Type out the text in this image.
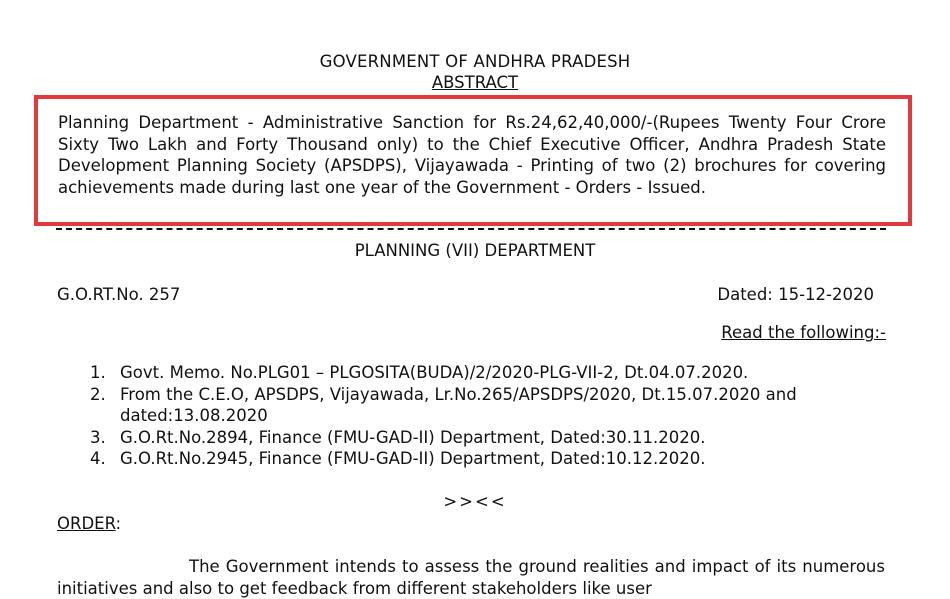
GOVERNMENT OF ANDHRA PRADESH
ABSTRACT
Planning Department - Administrative Sanction for Rs.24,62,40,000/-(Rupees Twenty Four Crore Sixty Two Lakh and Forty Thousand only) to the Chief Executive Officer, Andhra Pradesh State Development Planning Society (APSDPS), Vijayawada - Printing of two (2) brochures for covering achievements made during last one year of the Government - Orders - Issued.
PLANNING (VII) DEPARTMENT
G.O.RT.No. 257	Dated: 15-12-2020
Read the following:-
1. Govt. Memo. No.PLG01 – PLGOSITA(BUDA)/2/2020-PLG-VII-2, Dt.04.07.2020.
2. From the C.E.O, APSDPS, Vijayawada, Lr.No.265/APSDPS/2020, Dt.15.07.2020 and dated:13.08.2020
3. G.O.Rt.No.2894, Finance (FMU-GAD-II) Department, Dated:30.11.2020.
4. G.O.Rt.No.2945, Finance (FMU-GAD-II) Department, Dated:10.12.2020.
>><<
ORDER:
The Government intends to assess the ground realities and impact of its numerous initiatives and also to get feedback from different stakeholders like user
